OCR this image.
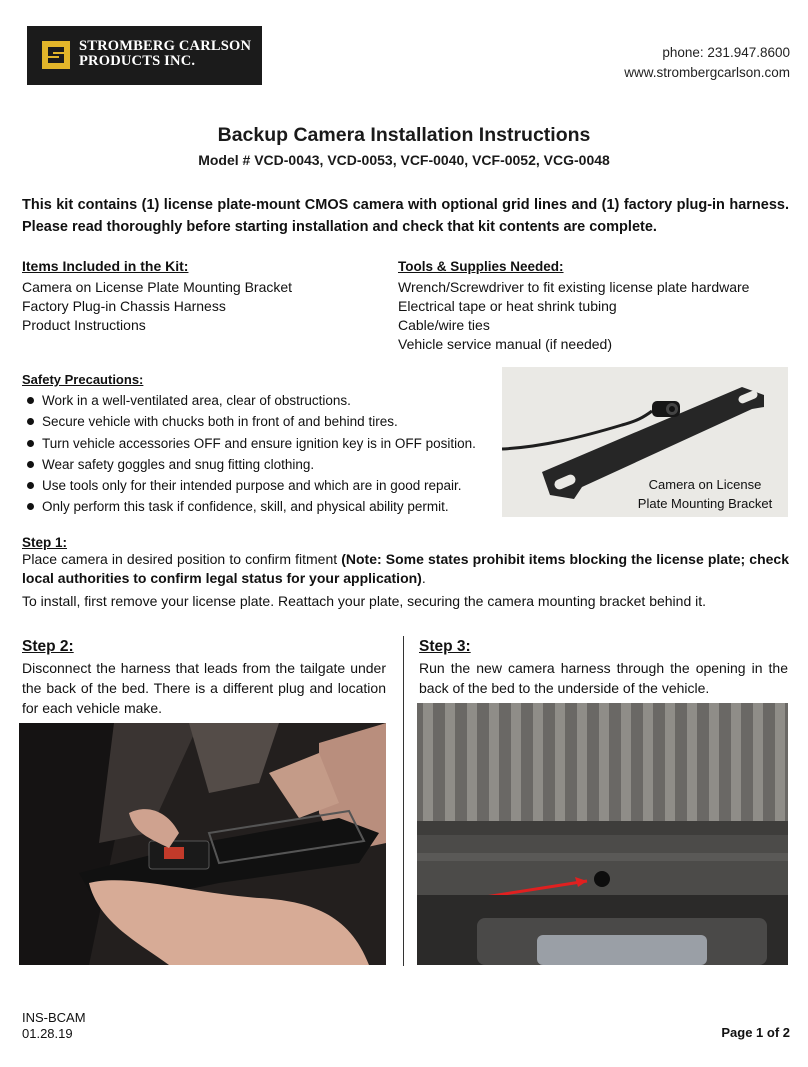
STROMBERG CARLSON
PRODUCTS INC.
phone: 231.947.8600
www.strombergcarlson.com
Backup Camera Installation Instructions
Model # VCD-0043, VCD-0053, VCF-0040, VCF-0052, VCG-0048
This kit contains (1) license plate-mount CMOS camera with optional grid lines and (1) factory plug-in harness. Please read thoroughly before starting installation and check that kit contents are complete.
Items Included in the Kit:
Camera on License Plate Mounting Bracket
Factory Plug-in Chassis Harness
Product Instructions
Tools & Supplies Needed:
Wrench/Screwdriver to fit existing license plate hardware
Electrical tape or heat shrink tubing
Cable/wire ties
Vehicle service manual (if needed)
Safety Precautions:
Work in a well-ventilated area, clear of obstructions.
Secure vehicle with chucks both in front of and behind tires.
Turn vehicle accessories OFF and ensure ignition key is in OFF position.
Wear safety goggles and snug fitting clothing.
Use tools only for their intended purpose and which are in good repair.
Only perform this task if confidence, skill, and physical ability permit.
Camera on License
Plate Mounting Bracket
Step 1:

Place camera in desired position to confirm fitment (Note: Some states prohibit items blocking the license plate; check local authorities to confirm legal status for your application).

To install, first remove your license plate. Reattach your plate, securing the camera mounting bracket behind it.

Step 2:

Disconnect the harness that leads from the tailgate under the back of the bed. There is a different plug and location for each vehicle make.

Step 3:

Run the new camera harness through the opening in the back of the bed to the underside of the vehicle.

INS-BCAM
01.28.19	Page 1 of 2
